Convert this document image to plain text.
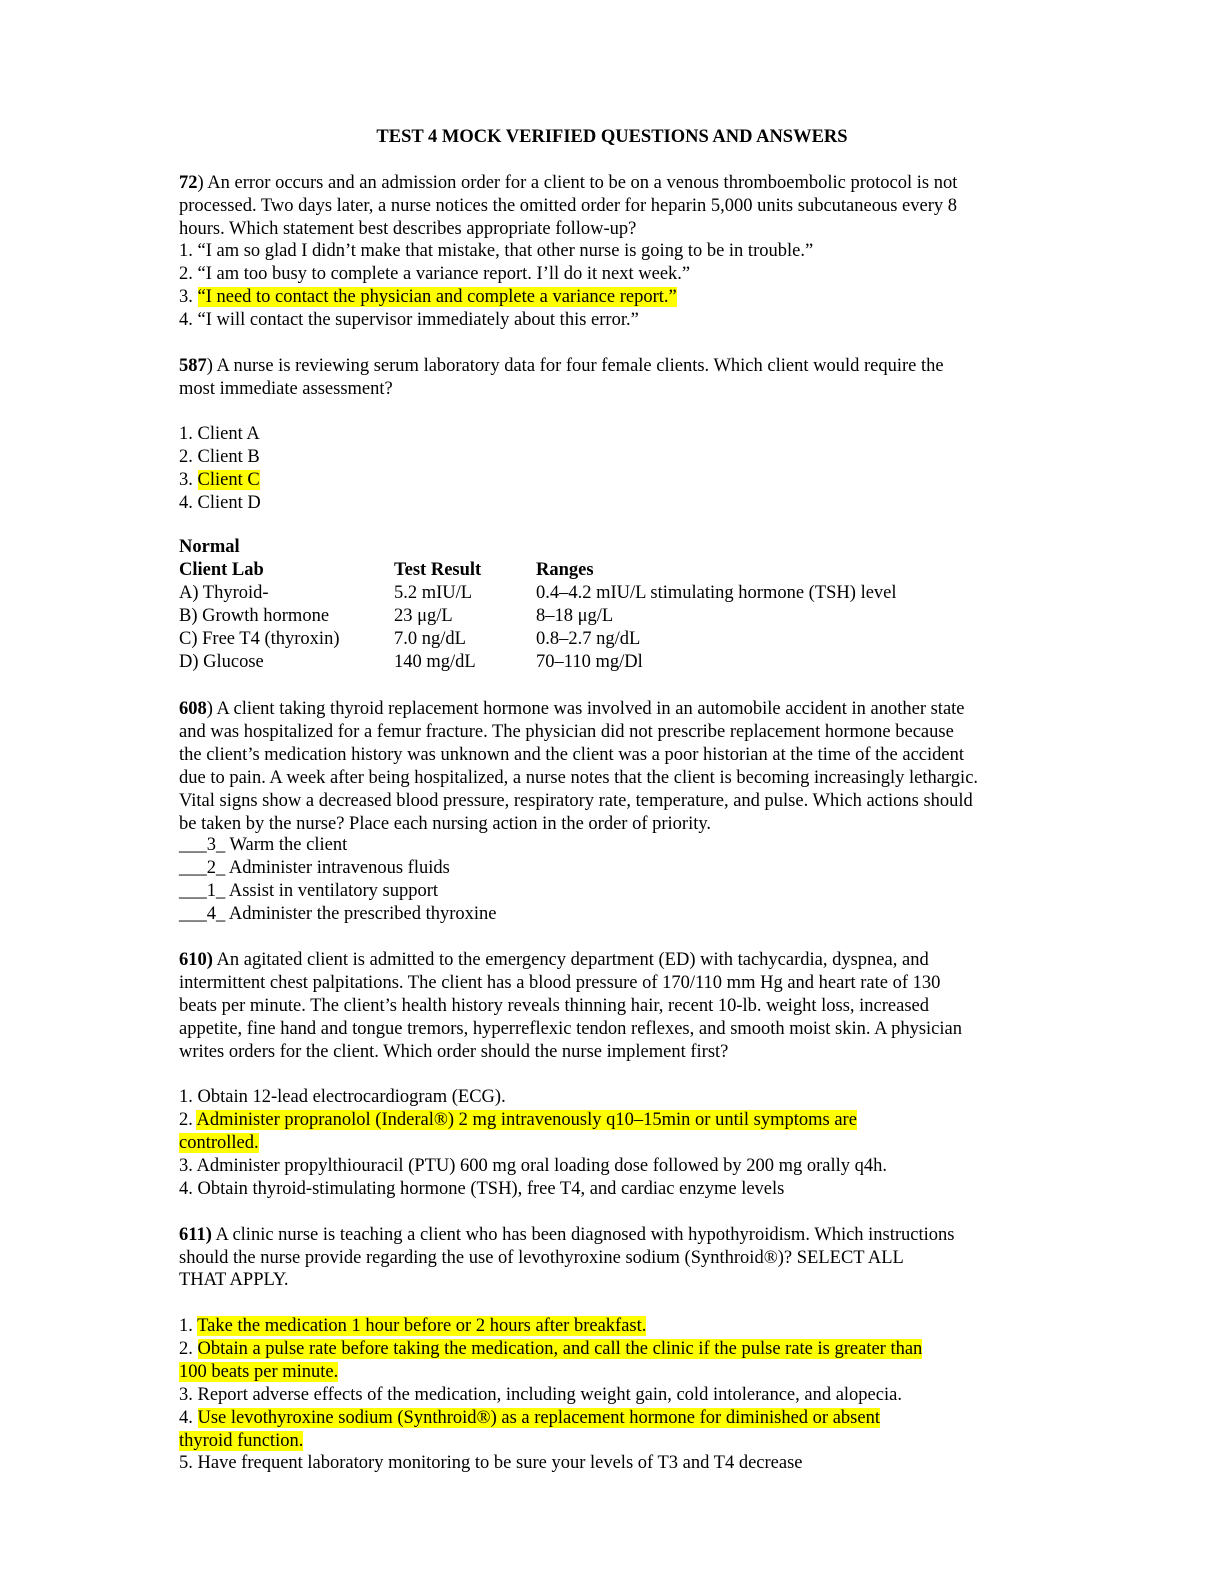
TEST 4 MOCK VERIFIED QUESTIONS AND ANSWERS
72) An error occurs and an admission order for a client to be on a venous thromboembolic protocol is not
processed. Two days later, a nurse notices the omitted order for heparin 5,000 units subcutaneous every 8
hours. Which statement best describes appropriate follow-up?
1. “I am so glad I didn’t make that mistake, that other nurse is going to be in trouble.”
2. “I am too busy to complete a variance report. I’ll do it next week.”
3. “I need to contact the physician and complete a variance report.”
4. “I will contact the supervisor immediately about this error.”
587) A nurse is reviewing serum laboratory data for four female clients. Which client would require the
most immediate assessment?
1. Client A
2. Client B
3. Client C
4. Client D
Normal
Client Lab	Test Result	Ranges
A) Thyroid-	5.2 mIU/L	0.4–4.2 mIU/L stimulating hormone (TSH) level
B) Growth hormone	23 μg/L	8–18 μg/L
C) Free T4 (thyroxin)	7.0 ng/dL	0.8–2.7 ng/dL
D) Glucose	140 mg/dL	70–110 mg/Dl
608) A client taking thyroid replacement hormone was involved in an automobile accident in another state
and was hospitalized for a femur fracture. The physician did not prescribe replacement hormone because
the client’s medication history was unknown and the client was a poor historian at the time of the accident
due to pain. A week after being hospitalized, a nurse notes that the client is becoming increasingly lethargic.
Vital signs show a decreased blood pressure, respiratory rate, temperature, and pulse. Which actions should
be taken by the nurse? Place each nursing action in the order of priority.
___3_ Warm the client
___2_ Administer intravenous fluids
___1_ Assist in ventilatory support
___4_ Administer the prescribed thyroxine
610) An agitated client is admitted to the emergency department (ED) with tachycardia, dyspnea, and
intermittent chest palpitations. The client has a blood pressure of 170/110 mm Hg and heart rate of 130
beats per minute. The client’s health history reveals thinning hair, recent 10-lb. weight loss, increased
appetite, fine hand and tongue tremors, hyperreflexic tendon reflexes, and smooth moist skin. A physician
writes orders for the client. Which order should the nurse implement first?
1. Obtain 12-lead electrocardiogram (ECG).
2. Administer propranolol (Inderal®) 2 mg intravenously q10–15min or until symptoms are
controlled.
3. Administer propylthiouracil (PTU) 600 mg oral loading dose followed by 200 mg orally q4h.
4. Obtain thyroid-stimulating hormone (TSH), free T4, and cardiac enzyme levels
611) A clinic nurse is teaching a client who has been diagnosed with hypothyroidism. Which instructions
should the nurse provide regarding the use of levothyroxine sodium (Synthroid®)? SELECT ALL
THAT APPLY.
1. Take the medication 1 hour before or 2 hours after breakfast.
2. Obtain a pulse rate before taking the medication, and call the clinic if the pulse rate is greater than
100 beats per minute.
3. Report adverse effects of the medication, including weight gain, cold intolerance, and alopecia.
4. Use levothyroxine sodium (Synthroid®) as a replacement hormone for diminished or absent
thyroid function.
5. Have frequent laboratory monitoring to be sure your levels of T3 and T4 decrease
